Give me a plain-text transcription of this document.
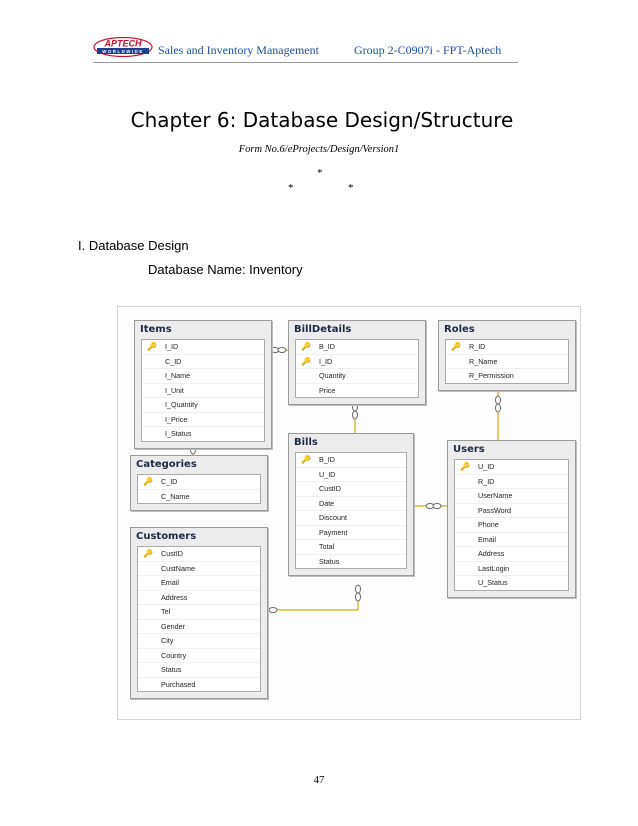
APTECH
WORLDWIDE Sales and Inventory Management	Group 2-C0907i - FPT-Aptech
Chapter 6: Database Design/Structure
Form No.6/eProjects/Design/Version1
*
*	*
I. Database Design
Database Name: Inventory
Items
🔑 I_ID
C_ID
I_Name
I_Unit
I_Quantity
I_Price
I_Status
BillDetails
🔑 B_ID
🔑 I_ID
Quantity
Price
Roles
🔑 R_ID
R_Name
R_Permission
Categories
🔑 C_ID
C_Name
Bills
🔑 B_ID
U_ID
CustID
Date
Discount
Payment
Total
Status
Users
🔑 U_ID
R_ID
UserName
PassWord
Phone
Email
Address
LastLogin
U_Status
Customers
🔑 CustID
CustName
Email
Address
Tel
Gender
City
Country
Status
Purchased
47
